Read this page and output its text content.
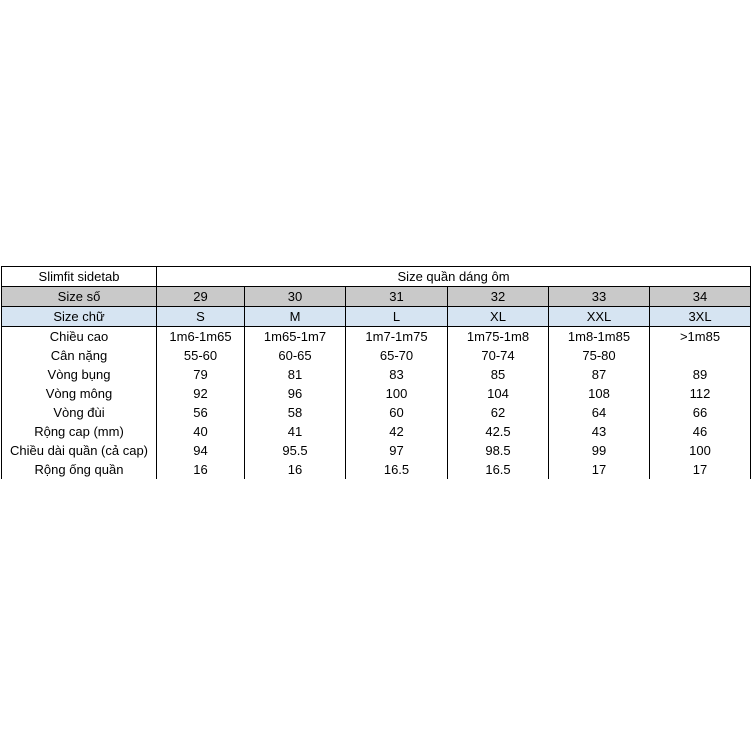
Slimfit sidetab	Size quần dáng ôm					
Size số	29	30	31	32	33	34
Size chữ	S	M	L	XL	XXL	3XL
Chiều cao	1m6-1m65	1m65-1m7	1m7-1m75	1m75-1m8	1m8-1m85	>1m85
Cân nặng	55-60	60-65	65-70	70-74	75-80	
Vòng bụng	79	81	83	85	87	89
Vòng mông	92	96	100	104	108	112
Vòng đùi	56	58	60	62	64	66
Rộng cap (mm)	40	41	42	42.5	43	46
Chiều dài quần (cả cap)	94	95.5	97	98.5	99	100
Rộng ống quần	16	16	16.5	16.5	17	17
